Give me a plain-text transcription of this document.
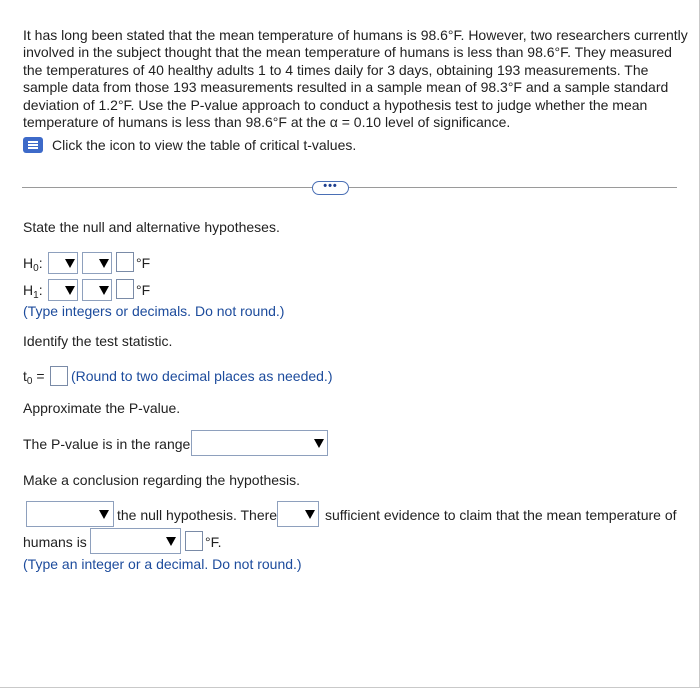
It has long been stated that the mean temperature of humans is 98.6°F. However, two researchers currently
involved in the subject thought that the mean temperature of humans is less than 98.6°F. They measured
the temperatures of 40 healthy adults 1 to 4 times daily for 3 days, obtaining 193 measurements. The
sample data from those 193 measurements resulted in a sample mean of 98.3°F and a sample standard
deviation of 1.2°F. Use the P-value approach to conduct a hypothesis test to judge whether the mean
temperature of humans is less than 98.6°F at the α = 0.10 level of significance.
Click the icon to view the table of critical t-values.
•••
State the null and alternative hypotheses.
$H_0$:	°F
$H_1$:	°F
(Type integers or decimals. Do not round.)
Identify the test statistic.
$t_0$ = (Round to two decimal places as needed.)
Approximate the P-value.
The P-value is in the range
Make a conclusion regarding the hypothesis.
the null hypothesis. There	sufficient evidence to claim that the mean temperature of
humans is	°F.
(Type an integer or a decimal. Do not round.)
